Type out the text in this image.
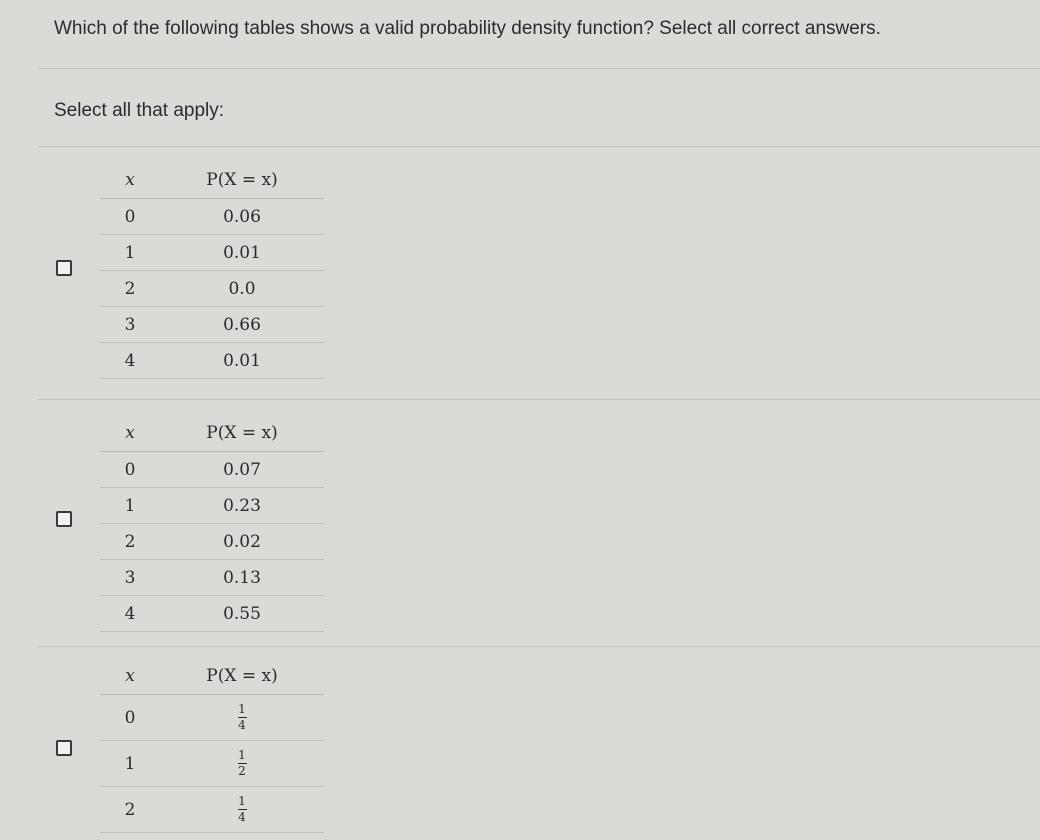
Which of the following tables shows a valid probability density function? Select all correct answers.
Select all that apply:
x	P(X = x)
0	0.06
1	0.01
2	0.0
3	0.66
4	0.01
x	P(X = x)
0	0.07
1	0.23
2	0.02
3	0.13
4	0.55
x	P(X = x)
0	$\frac{1}{4}$

1	$\frac{1}{2}$

2	$\frac{1}{4}$
